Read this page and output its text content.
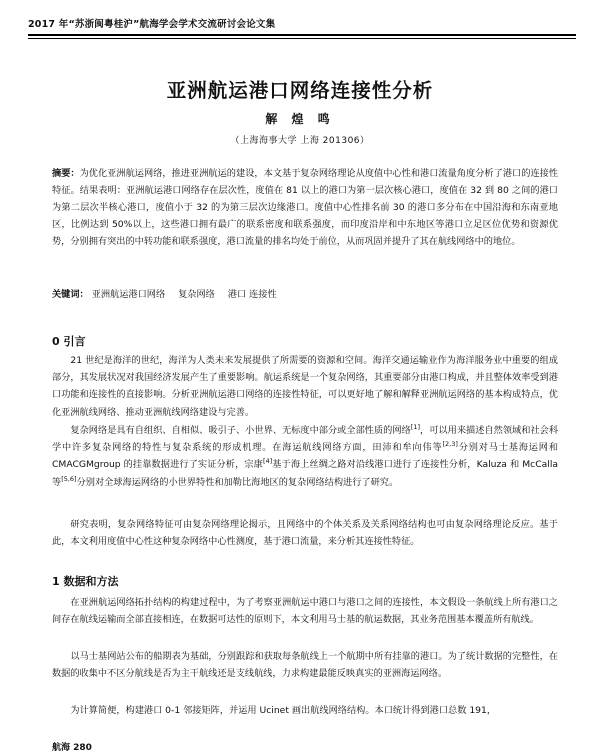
2017 年“苏浙闽粤桂沪”航海学会学术交流研讨会论文集
亚洲航运港口网络连接性分析
解 煌 鸣
（上海海事大学 上海 201306）
摘要：为优化亚洲航运网络，推进亚洲航运的建设，本文基于复杂网络理论从度值中心性和港口流量角度分析了港口的连接性特征。结果表明：亚洲航运港口网络存在层次性，度值在 81 以上的港口为第一层次核心港口，度值在 32 到 80 之间的港口为第二层次半核心港口，度值小于 32 的为第三层次边缘港口。度值中心性排名前 30 的港口多分布在中国沿海和东南亚地区，比例达到 50%以上，这些港口拥有最广的联系密度和联系强度，而印度沿岸和中东地区等港口立足区位优势和资源优势，分别拥有突出的中转功能和联系强度，港口流量的排名均处于前位，从而巩固并提升了其在航线网络中的地位。
关键词： 亚洲航运港口网络 复杂网络 港口 连接性
0 引言
21 世纪是海洋的世纪，海洋为人类未来发展提供了所需要的资源和空间。海洋交通运输业作为海洋服务业中重要的组成部分，其发展状况对我国经济发展产生了重要影响。航运系统是一个复杂网络，其重要部分由港口构成，并且整体效率受到港口功能和连接性的直接影响。分析亚洲航运港口网络的连接性特征，可以更好地了解和解释亚洲航运网络的基本构成特点，优化亚洲航线网络、推动亚洲航线网络建设与完善。
复杂网络是具有自组织、自相似、吸引子、小世界、无标度中部分或全部性质的网络[1]，可以用来描述自然领域和社会科学中许多复杂网络的特性与复杂系统的形成机理。在海运航线网络方面，田沛和牟向伟等[2,3]分别对马士基海运网和 CMACGMgroup 的挂靠数据进行了实证分析，宗康[4]基于海上丝绸之路对沿线港口进行了连接性分析，Kaluza 和 McCalla 等[5,6]分别对全球海运网络的小世界特性和加勒比海地区的复杂网络结构进行了研究。
研究表明，复杂网络特征可由复杂网络理论揭示，且网络中的个体关系及关系网络结构也可由复杂网络理论反应。基于此，本文利用度值中心性这种复杂网络中心性测度，基于港口流量，来分析其连接性特征。
1 数据和方法
在亚洲航运网络拓扑结构的构建过程中，为了考察亚洲航运中港口与港口之间的连接性，本文假设一条航线上所有港口之间存在航线运输而全部直接相连，在数据可达性的原则下，本文利用马士基的航运数据，其业务范围基本覆盖所有航线。
以马士基网站公布的船期表为基础，分别跟踪和获取每条航线上一个航期中所有挂靠的港口。为了统计数据的完整性，在数据的收集中不区分航线是否为主干航线还是支线航线，力求构建最能反映真实的亚洲海运网络。
为计算简便，构建港口 0-1 邻接矩阵，并运用 Ucinet 画出航线网络结构。本口统计得到港口总数 191，
航海 280
